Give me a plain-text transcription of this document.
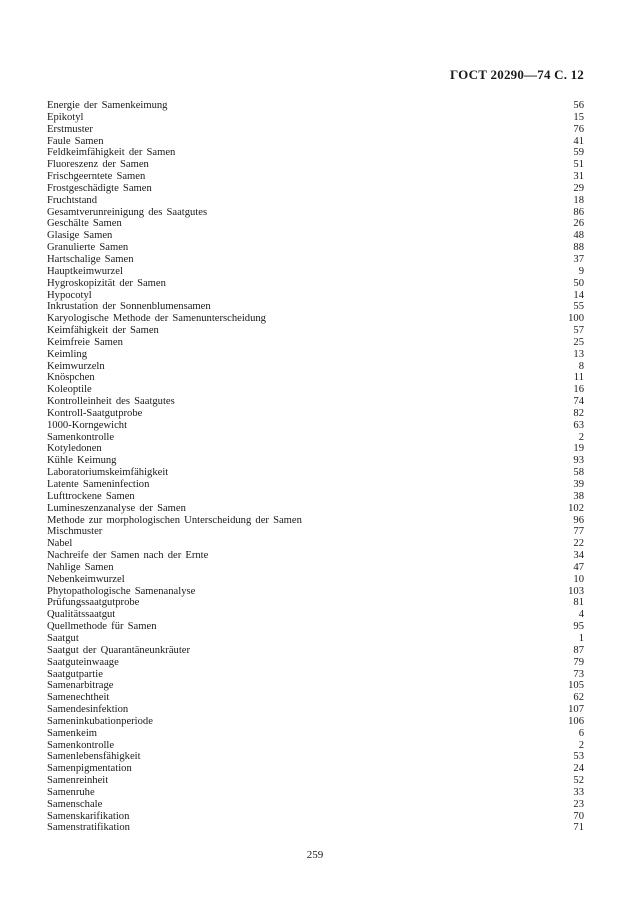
ГОСТ 20290—74 С. 12
Energie der Samenkeimung	56
Epikotyl	15
Erstmuster	76
Faule Samen	41
Feldkeimfähigkeit der Samen	59
Fluoreszenz der Samen	51
Frischgeerntete Samen	31
Frostgeschädigte Samen	29
Fruchtstand	18
Gesamtverunreinigung des Saatgutes	86
Geschälte Samen	26
Glasige Samen	48
Granulierte Samen	88
Hartschalige Samen	37
Hauptkeimwurzel	9
Hygroskopizität der Samen	50
Hypocotyl	14
Inkrustation der Sonnenblumensamen	55
Karyologische Methode der Samenunterscheidung	100
Keimfähigkeit der Samen	57
Keimfreie Samen	25
Keimling	13
Keimwurzeln	8
Knöspchen	11
Koleoptile	16
Kontrolleinheit des Saatgutes	74
Kontroll-Saatgutprobe	82
1000-Korngewicht	63
Samenkontrolle	2
Kotyledonen	19
Kühle Keimung	93
Laboratoriumskeimfähigkeit	58
Latente Sameninfection	39
Lufttrockene Samen	38
Lumineszenzanalyse der Samen	102
Methode zur morphologischen Unterscheidung der Samen	96
Mischmuster	77
Nabel	22
Nachreife der Samen nach der Ernte	34
Nahlige Samen	47
Nebenkeimwurzel	10
Phytopathologische Samenanalyse	103
Prüfungssaatgutprobe	81
Qualitätssaatgut	4
Quellmethode für Samen	95
Saatgut	1
Saatgut der Quarantäneunkräuter	87
Saatguteinwaage	79
Saatgutpartie	73
Samenarbitrage	105
Samenechtheit	62
Samendesinfektion	107
Sameninkubationperiode	106
Samenkeim	6
Samenkontrolle	2
Samenlebensfähigkeit	53
Samenpigmentation	24
Samenreinheit	52
Samenruhe	33
Samenschale	23
Samenskarifikation	70
Samenstratifikation	71
259
